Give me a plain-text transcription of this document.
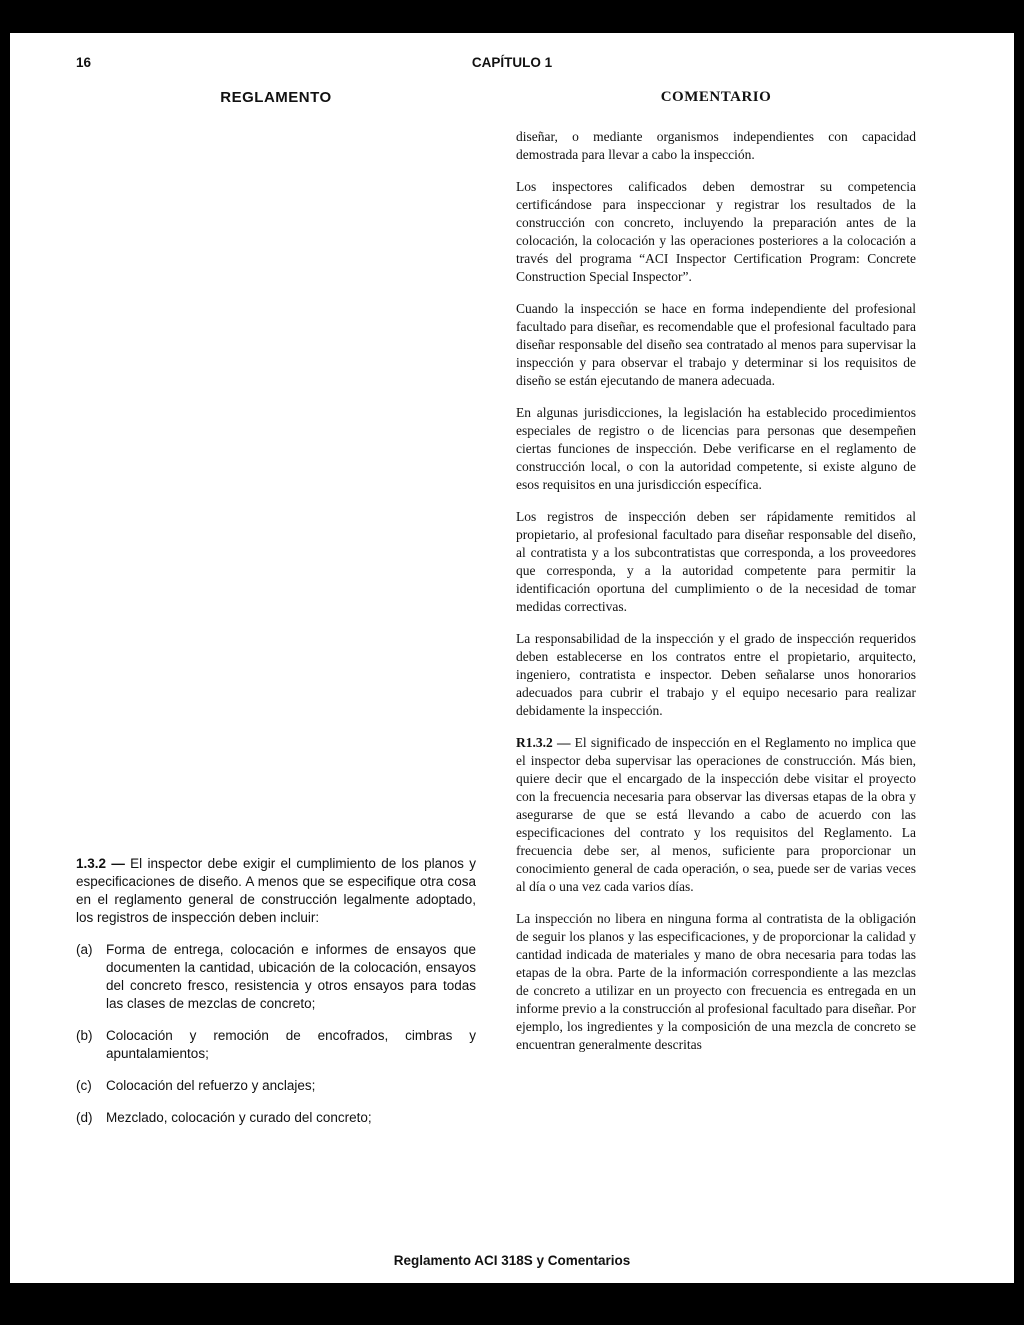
16	CAPÍTULO 1
REGLAMENTO	COMENTARIO

1.3.2 — El inspector debe exigir el cumplimiento de los planos y especificaciones de diseño. A menos que se especifique otra cosa en el reglamento general de construcción legalmente adoptado, los registros de inspección deben incluir:

(a)	Forma de entrega, colocación e informes de ensayos que documenten la cantidad, ubicación de la colocación, ensayos del concreto fresco, resistencia y otros ensayos para todas las clases de mezclas de concreto;
(b)	Colocación y remoción de encofrados, cimbras y apuntalamientos;
(c)	Colocación del refuerzo y anclajes;
(d)	Mezclado, colocación y curado del concreto;

diseñar, o mediante organismos independientes con capacidad demostrada para llevar a cabo la inspección.

Los inspectores calificados deben demostrar su competencia certificándose para inspeccionar y registrar los resultados de la construcción con concreto, incluyendo la preparación antes de la colocación, la colocación y las operaciones posteriores a la colocación a través del programa “ACI Inspector Certification Program: Concrete Construction Special Inspector”.

Cuando la inspección se hace en forma independiente del profesional facultado para diseñar, es recomendable que el profesional facultado para diseñar responsable del diseño sea contratado al menos para supervisar la inspección y para observar el trabajo y determinar si los requisitos de diseño se están ejecutando de manera adecuada.

En algunas jurisdicciones, la legislación ha establecido procedimientos especiales de registro o de licencias para personas que desempeñen ciertas funciones de inspección. Debe verificarse en el reglamento de construcción local, o con la autoridad competente, si existe alguno de esos requisitos en una jurisdicción específica.

Los registros de inspección deben ser rápidamente remitidos al propietario, al profesional facultado para diseñar responsable del diseño, al contratista y a los subcontratistas que corresponda, a los proveedores que corresponda, y a la autoridad competente para permitir la identificación oportuna del cumplimiento o de la necesidad de tomar medidas correctivas.

La responsabilidad de la inspección y el grado de inspección requeridos deben establecerse en los contratos entre el propietario, arquitecto, ingeniero, contratista e inspector. Deben señalarse unos honorarios adecuados para cubrir el trabajo y el equipo necesario para realizar debidamente la inspección.

R1.3.2 — El significado de inspección en el Reglamento no implica que el inspector deba supervisar las operaciones de construcción. Más bien, quiere decir que el encargado de la inspección debe visitar el proyecto con la frecuencia necesaria para observar las diversas etapas de la obra y asegurarse de que se está llevando a cabo de acuerdo con las especificaciones del contrato y los requisitos del Reglamento. La frecuencia debe ser, al menos, suficiente para proporcionar un conocimiento general de cada operación, o sea, puede ser de varias veces al día o una vez cada varios días.

La inspección no libera en ninguna forma al contratista de la obligación de seguir los planos y las especificaciones, y de proporcionar la calidad y cantidad indicada de materiales y mano de obra necesaria para todas las etapas de la obra. Parte de la información correspondiente a las mezclas de concreto a utilizar en un proyecto con frecuencia es entregada en un informe previo a la construcción al profesional facultado para diseñar. Por ejemplo, los ingredientes y la composición de una mezcla de concreto se encuentran generalmente descritas

Reglamento ACI 318S y Comentarios
